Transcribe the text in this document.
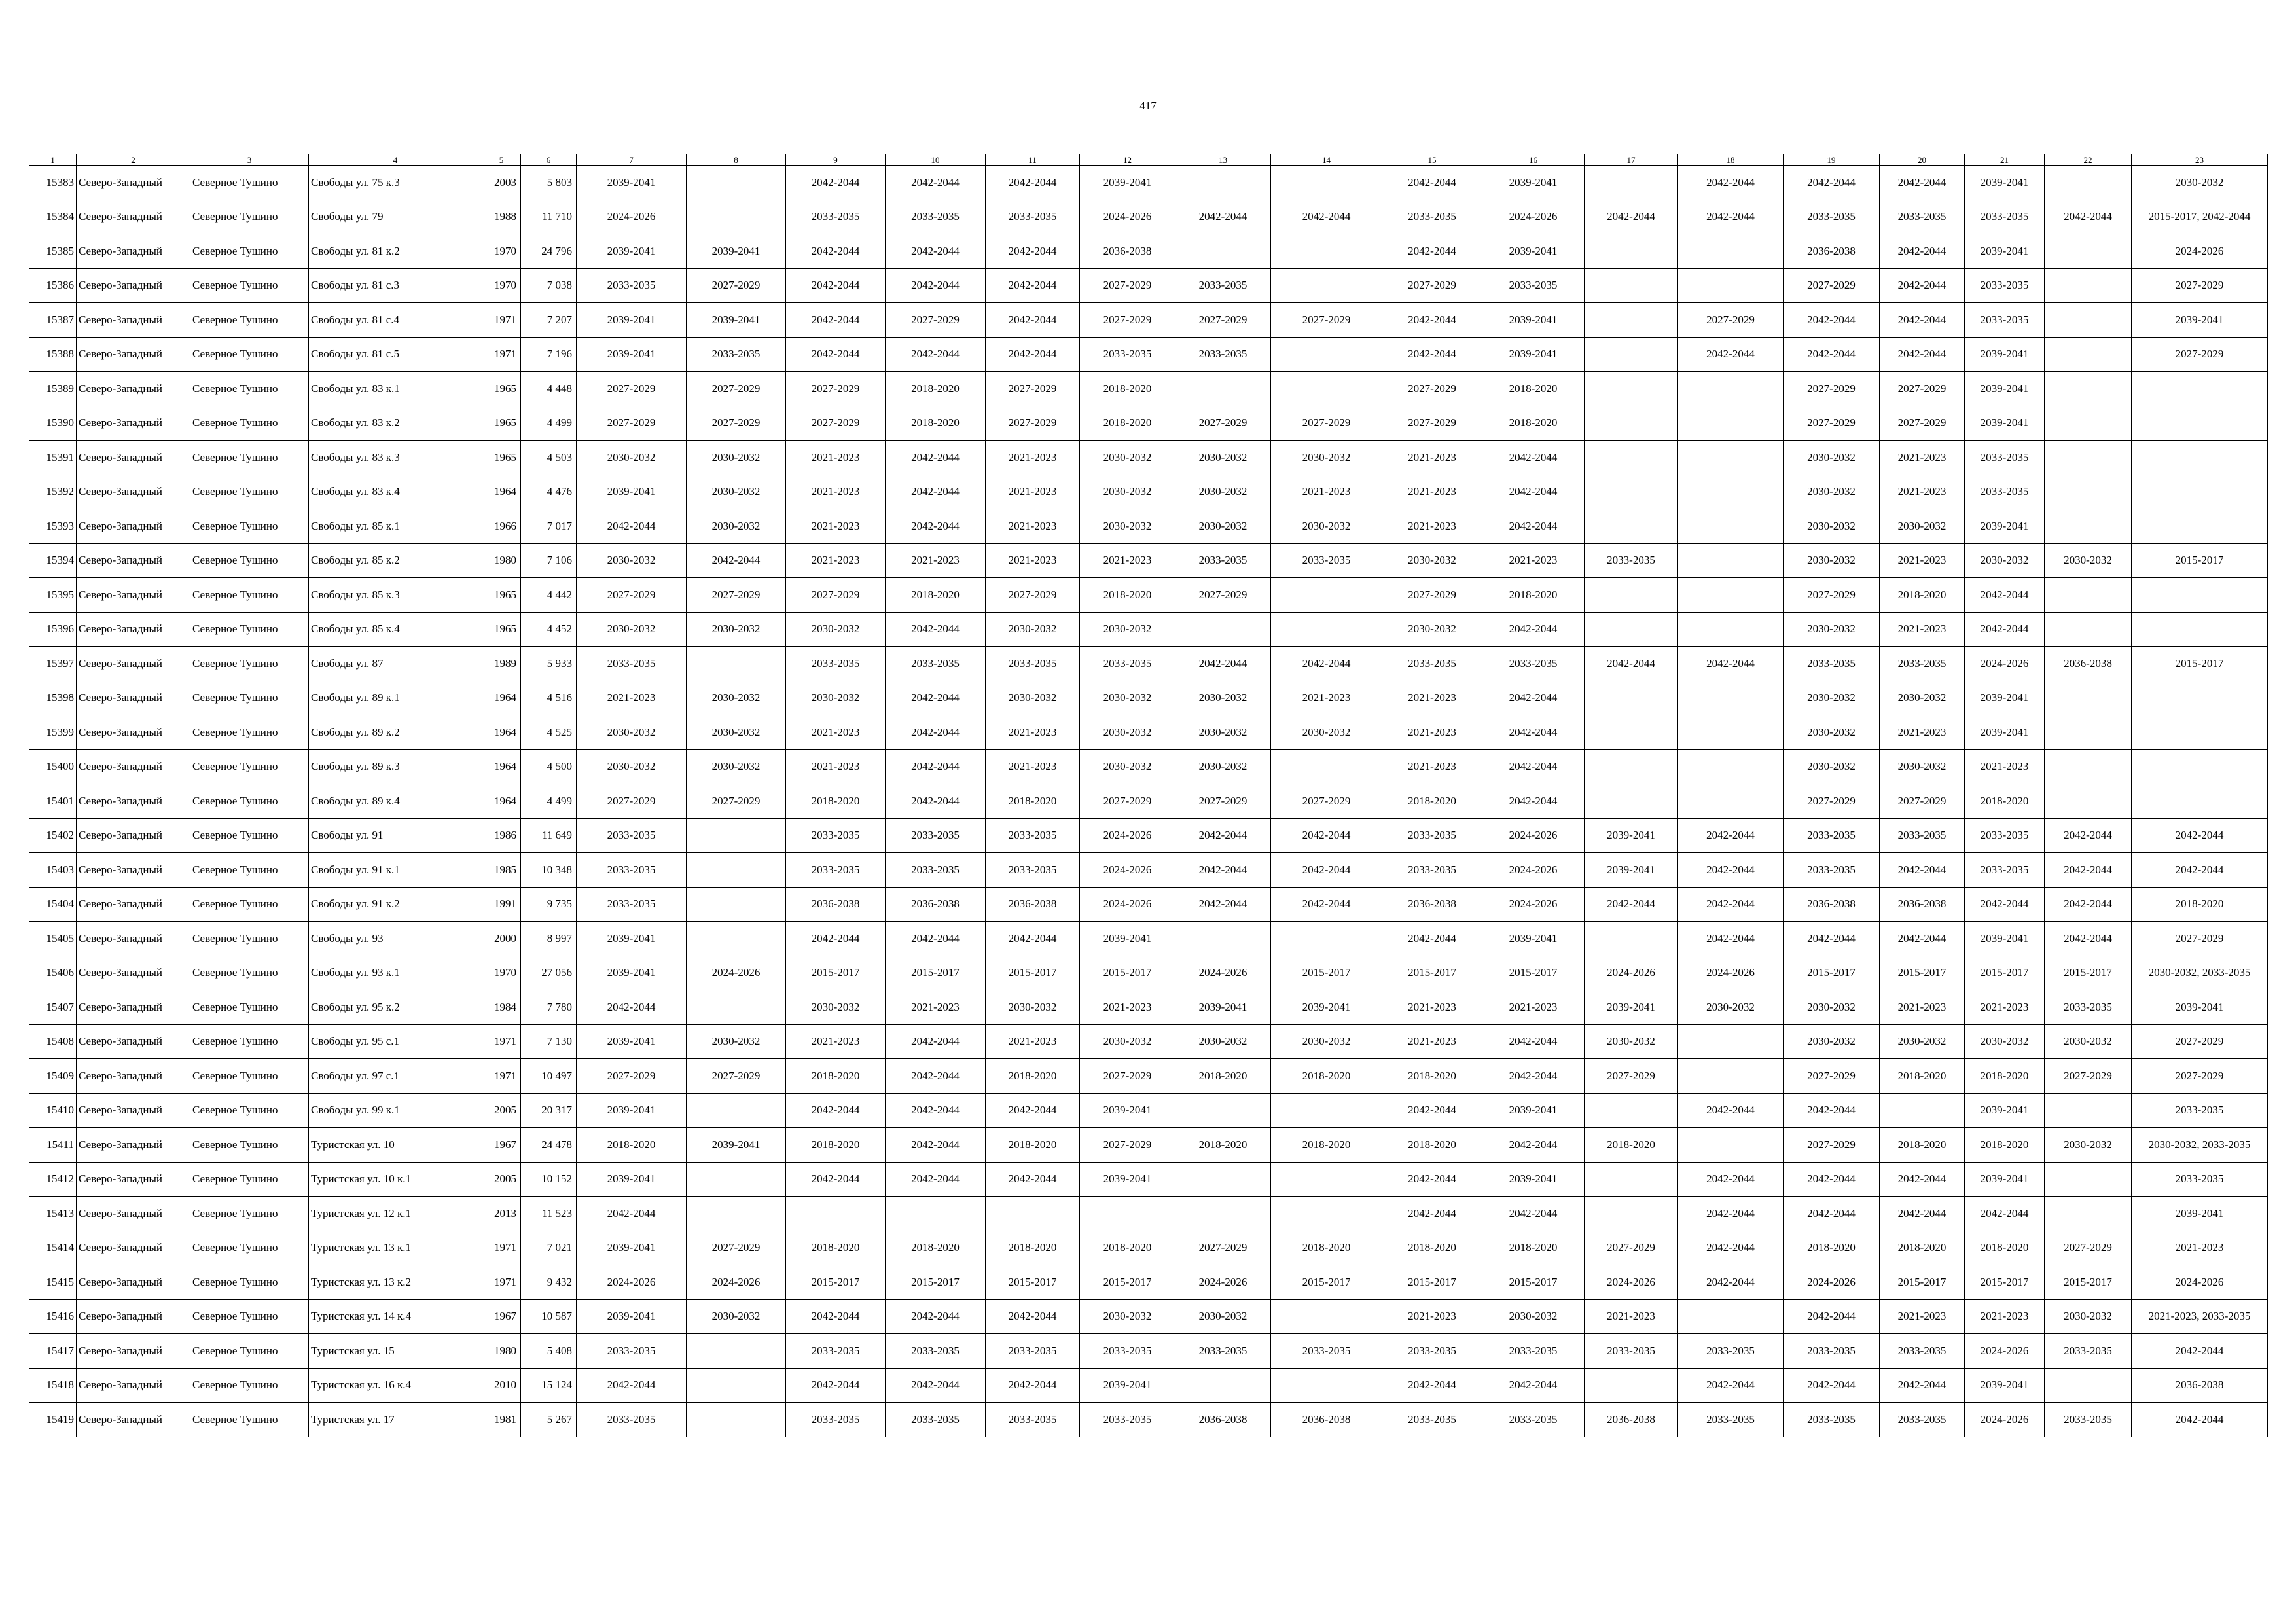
417
1	2	3	4	5	6	7	8	9	10	11	12	13	14	15	16	17	18	19	20	21	22	23
15383	Северо-Западный	Северное Тушино	Свободы ул. 75 к.3	2003	5 803	2039-2041		2042-2044	2042-2044	2042-2044	2039-2041			2042-2044	2039-2041		2042-2044	2042-2044	2042-2044	2039-2041		2030-2032
15384	Северо-Западный	Северное Тушино	Свободы ул. 79	1988	11 710	2024-2026		2033-2035	2033-2035	2033-2035	2024-2026	2042-2044	2042-2044	2033-2035	2024-2026	2042-2044	2042-2044	2033-2035	2033-2035	2033-2035	2042-2044	2015-2017, 2042-2044
15385	Северо-Западный	Северное Тушино	Свободы ул. 81 к.2	1970	24 796	2039-2041	2039-2041	2042-2044	2042-2044	2042-2044	2036-2038			2042-2044	2039-2041			2036-2038	2042-2044	2039-2041		2024-2026
15386	Северо-Западный	Северное Тушино	Свободы ул. 81 с.3	1970	7 038	2033-2035	2027-2029	2042-2044	2042-2044	2042-2044	2027-2029	2033-2035		2027-2029	2033-2035			2027-2029	2042-2044	2033-2035		2027-2029
15387	Северо-Западный	Северное Тушино	Свободы ул. 81 с.4	1971	7 207	2039-2041	2039-2041	2042-2044	2027-2029	2042-2044	2027-2029	2027-2029	2027-2029	2042-2044	2039-2041		2027-2029	2042-2044	2042-2044	2033-2035		2039-2041
15388	Северо-Западный	Северное Тушино	Свободы ул. 81 с.5	1971	7 196	2039-2041	2033-2035	2042-2044	2042-2044	2042-2044	2033-2035	2033-2035		2042-2044	2039-2041		2042-2044	2042-2044	2042-2044	2039-2041		2027-2029
15389	Северо-Западный	Северное Тушино	Свободы ул. 83 к.1	1965	4 448	2027-2029	2027-2029	2027-2029	2018-2020	2027-2029	2018-2020			2027-2029	2018-2020			2027-2029	2027-2029	2039-2041		
15390	Северо-Западный	Северное Тушино	Свободы ул. 83 к.2	1965	4 499	2027-2029	2027-2029	2027-2029	2018-2020	2027-2029	2018-2020	2027-2029	2027-2029	2027-2029	2018-2020			2027-2029	2027-2029	2039-2041		
15391	Северо-Западный	Северное Тушино	Свободы ул. 83 к.3	1965	4 503	2030-2032	2030-2032	2021-2023	2042-2044	2021-2023	2030-2032	2030-2032	2030-2032	2021-2023	2042-2044			2030-2032	2021-2023	2033-2035		
15392	Северо-Западный	Северное Тушино	Свободы ул. 83 к.4	1964	4 476	2039-2041	2030-2032	2021-2023	2042-2044	2021-2023	2030-2032	2030-2032	2021-2023	2021-2023	2042-2044			2030-2032	2021-2023	2033-2035		
15393	Северо-Западный	Северное Тушино	Свободы ул. 85 к.1	1966	7 017	2042-2044	2030-2032	2021-2023	2042-2044	2021-2023	2030-2032	2030-2032	2030-2032	2021-2023	2042-2044			2030-2032	2030-2032	2039-2041		
15394	Северо-Западный	Северное Тушино	Свободы ул. 85 к.2	1980	7 106	2030-2032	2042-2044	2021-2023	2021-2023	2021-2023	2021-2023	2033-2035	2033-2035	2030-2032	2021-2023	2033-2035		2030-2032	2021-2023	2030-2032	2030-2032	2015-2017
15395	Северо-Западный	Северное Тушино	Свободы ул. 85 к.3	1965	4 442	2027-2029	2027-2029	2027-2029	2018-2020	2027-2029	2018-2020	2027-2029		2027-2029	2018-2020			2027-2029	2018-2020	2042-2044		
15396	Северо-Западный	Северное Тушино	Свободы ул. 85 к.4	1965	4 452	2030-2032	2030-2032	2030-2032	2042-2044	2030-2032	2030-2032			2030-2032	2042-2044			2030-2032	2021-2023	2042-2044		
15397	Северо-Западный	Северное Тушино	Свободы ул. 87	1989	5 933	2033-2035		2033-2035	2033-2035	2033-2035	2033-2035	2042-2044	2042-2044	2033-2035	2033-2035	2042-2044	2042-2044	2033-2035	2033-2035	2024-2026	2036-2038	2015-2017
15398	Северо-Западный	Северное Тушино	Свободы ул. 89 к.1	1964	4 516	2021-2023	2030-2032	2030-2032	2042-2044	2030-2032	2030-2032	2030-2032	2021-2023	2021-2023	2042-2044			2030-2032	2030-2032	2039-2041		
15399	Северо-Западный	Северное Тушино	Свободы ул. 89 к.2	1964	4 525	2030-2032	2030-2032	2021-2023	2042-2044	2021-2023	2030-2032	2030-2032	2030-2032	2021-2023	2042-2044			2030-2032	2021-2023	2039-2041		
15400	Северо-Западный	Северное Тушино	Свободы ул. 89 к.3	1964	4 500	2030-2032	2030-2032	2021-2023	2042-2044	2021-2023	2030-2032	2030-2032		2021-2023	2042-2044			2030-2032	2030-2032	2021-2023		
15401	Северо-Западный	Северное Тушино	Свободы ул. 89 к.4	1964	4 499	2027-2029	2027-2029	2018-2020	2042-2044	2018-2020	2027-2029	2027-2029	2027-2029	2018-2020	2042-2044			2027-2029	2027-2029	2018-2020		
15402	Северо-Западный	Северное Тушино	Свободы ул. 91	1986	11 649	2033-2035		2033-2035	2033-2035	2033-2035	2024-2026	2042-2044	2042-2044	2033-2035	2024-2026	2039-2041	2042-2044	2033-2035	2033-2035	2033-2035	2042-2044	2042-2044
15403	Северо-Западный	Северное Тушино	Свободы ул. 91 к.1	1985	10 348	2033-2035		2033-2035	2033-2035	2033-2035	2024-2026	2042-2044	2042-2044	2033-2035	2024-2026	2039-2041	2042-2044	2033-2035	2042-2044	2033-2035	2042-2044	2042-2044
15404	Северо-Западный	Северное Тушино	Свободы ул. 91 к.2	1991	9 735	2033-2035		2036-2038	2036-2038	2036-2038	2024-2026	2042-2044	2042-2044	2036-2038	2024-2026	2042-2044	2042-2044	2036-2038	2036-2038	2042-2044	2042-2044	2018-2020
15405	Северо-Западный	Северное Тушино	Свободы ул. 93	2000	8 997	2039-2041		2042-2044	2042-2044	2042-2044	2039-2041			2042-2044	2039-2041		2042-2044	2042-2044	2042-2044	2039-2041	2042-2044	2027-2029
15406	Северо-Западный	Северное Тушино	Свободы ул. 93 к.1	1970	27 056	2039-2041	2024-2026	2015-2017	2015-2017	2015-2017	2015-2017	2024-2026	2015-2017	2015-2017	2015-2017	2024-2026	2024-2026	2015-2017	2015-2017	2015-2017	2015-2017	2030-2032, 2033-2035
15407	Северо-Западный	Северное Тушино	Свободы ул. 95 к.2	1984	7 780	2042-2044		2030-2032	2021-2023	2030-2032	2021-2023	2039-2041	2039-2041	2021-2023	2021-2023	2039-2041	2030-2032	2030-2032	2021-2023	2021-2023	2033-2035	2039-2041
15408	Северо-Западный	Северное Тушино	Свободы ул. 95 с.1	1971	7 130	2039-2041	2030-2032	2021-2023	2042-2044	2021-2023	2030-2032	2030-2032	2030-2032	2021-2023	2042-2044	2030-2032		2030-2032	2030-2032	2030-2032	2030-2032	2027-2029
15409	Северо-Западный	Северное Тушино	Свободы ул. 97 с.1	1971	10 497	2027-2029	2027-2029	2018-2020	2042-2044	2018-2020	2027-2029	2018-2020	2018-2020	2018-2020	2042-2044	2027-2029		2027-2029	2018-2020	2018-2020	2027-2029	2027-2029
15410	Северо-Западный	Северное Тушино	Свободы ул. 99 к.1	2005	20 317	2039-2041		2042-2044	2042-2044	2042-2044	2039-2041			2042-2044	2039-2041		2042-2044	2042-2044		2039-2041		2033-2035
15411	Северо-Западный	Северное Тушино	Туристская ул. 10	1967	24 478	2018-2020	2039-2041	2018-2020	2042-2044	2018-2020	2027-2029	2018-2020	2018-2020	2018-2020	2042-2044	2018-2020		2027-2029	2018-2020	2018-2020	2030-2032	2030-2032, 2033-2035
15412	Северо-Западный	Северное Тушино	Туристская ул. 10 к.1	2005	10 152	2039-2041		2042-2044	2042-2044	2042-2044	2039-2041			2042-2044	2039-2041		2042-2044	2042-2044	2042-2044	2039-2041		2033-2035
15413	Северо-Западный	Северное Тушино	Туристская ул. 12 к.1	2013	11 523	2042-2044								2042-2044	2042-2044		2042-2044	2042-2044	2042-2044	2042-2044		2039-2041
15414	Северо-Западный	Северное Тушино	Туристская ул. 13 к.1	1971	7 021	2039-2041	2027-2029	2018-2020	2018-2020	2018-2020	2018-2020	2027-2029	2018-2020	2018-2020	2018-2020	2027-2029	2042-2044	2018-2020	2018-2020	2018-2020	2027-2029	2021-2023
15415	Северо-Западный	Северное Тушино	Туристская ул. 13 к.2	1971	9 432	2024-2026	2024-2026	2015-2017	2015-2017	2015-2017	2015-2017	2024-2026	2015-2017	2015-2017	2015-2017	2024-2026	2042-2044	2024-2026	2015-2017	2015-2017	2015-2017	2024-2026
15416	Северо-Западный	Северное Тушино	Туристская ул. 14 к.4	1967	10 587	2039-2041	2030-2032	2042-2044	2042-2044	2042-2044	2030-2032	2030-2032		2021-2023	2030-2032	2021-2023		2042-2044	2021-2023	2021-2023	2030-2032	2021-2023, 2033-2035
15417	Северо-Западный	Северное Тушино	Туристская ул. 15	1980	5 408	2033-2035		2033-2035	2033-2035	2033-2035	2033-2035	2033-2035	2033-2035	2033-2035	2033-2035	2033-2035	2033-2035	2033-2035	2033-2035	2024-2026	2033-2035	2042-2044
15418	Северо-Западный	Северное Тушино	Туристская ул. 16 к.4	2010	15 124	2042-2044		2042-2044	2042-2044	2042-2044	2039-2041			2042-2044	2042-2044		2042-2044	2042-2044	2042-2044	2039-2041		2036-2038
15419	Северо-Западный	Северное Тушино	Туристская ул. 17	1981	5 267	2033-2035		2033-2035	2033-2035	2033-2035	2033-2035	2036-2038	2036-2038	2033-2035	2033-2035	2036-2038	2033-2035	2033-2035	2033-2035	2024-2026	2033-2035	2042-2044
